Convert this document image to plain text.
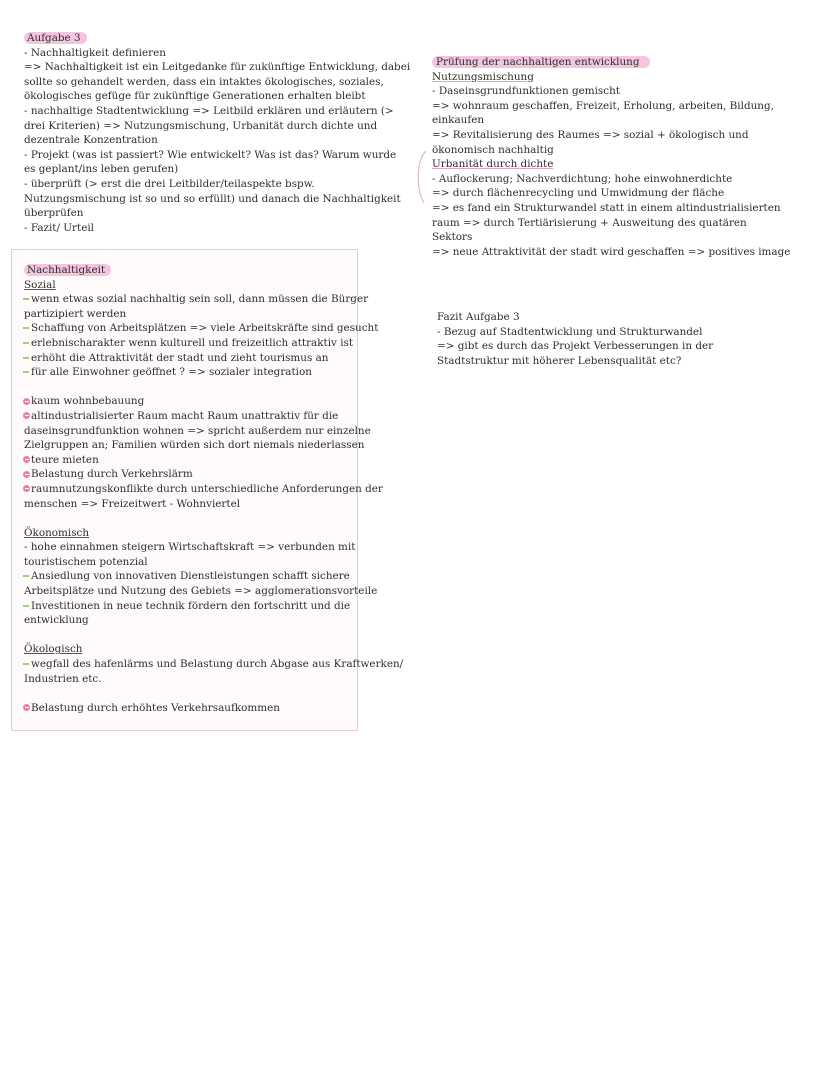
Aufgabe 3
- Nachhaltigkeit definieren
=> Nachhaltigkeit ist ein Leitgedanke für zukünftige Entwicklung, dabei
sollte so gehandelt werden, dass ein intaktes ökologisches, soziales,
ökologisches gefüge für zukünftige Generationen erhalten bleibt
- nachhaltige Stadtentwicklung => Leitbild erklären und erläutern (>
drei Kriterien) => Nutzungsmischung, Urbanität durch dichte und
dezentrale Konzentration
- Projekt (was ist passiert? Wie entwickelt? Was ist das? Warum wurde
es geplant/ins leben gerufen)
- überprüft (> erst die drei Leitbilder/teilaspekte bspw.
Nutzungsmischung ist so und so erfüllt) und danach die Nachhaltigkeit
überprüfen
- Fazit/ Urteil
Nachhaltigkeit
Sozial
wenn etwas sozial nachhaltig sein soll, dann müssen die Bürger
partizipiert werden
Schaffung von Arbeitsplätzen => viele Arbeitskräfte sind gesucht
erlebnischarakter wenn kulturell und freizeitlich attraktiv ist
erhöht die Attraktivität der stadt und zieht tourismus an
für alle Einwohner geöffnet ? => sozialer integration
kaum wohnbebauung
altindustrialisierter Raum macht Raum unattraktiv für die
daseinsgrundfunktion wohnen => spricht außerdem nur einzelne
Zielgruppen an; Familien würden sich dort niemals niederlassen
teure mieten
Belastung durch Verkehrslärm
raumnutzungskonflikte durch unterschiedliche Anforderungen der
menschen => Freizeitwert - Wohnviertel
Ökonomisch
- hohe einnahmen steigern Wirtschaftskraft => verbunden mit
touristischem potenzial
Ansiedlung von innovativen Dienstleistungen schafft sichere
Arbeitsplätze und Nutzung des Gebiets => agglomerationsvorteile
Investitionen in neue technik fördern den fortschritt und die
entwicklung
Ökologisch
wegfall des hafenlärms und Belastung durch Abgase aus Kraftwerken/
Industrien etc.
Belastung durch erhöhtes Verkehrsaufkommen
Prüfung der nachhaltigen entwicklung
Nutzungsmischung
- Daseinsgrundfunktionen gemischt
=> wohnraum geschaffen, Freizeit, Erholung, arbeiten, Bildung,
einkaufen
=> Revitalisierung des Raumes => sozial + ökologisch und
ökonomisch nachhaltig
Urbanität durch dichte
- Auflockerung; Nachverdichtung; hohe einwohnerdichte
=> durch flächenrecycling und Umwidmung der fläche
=> es fand ein Strukturwandel statt in einem altindustrialisierten
raum => durch Tertiärisierung + Ausweitung des quatären
Sektors
=> neue Attraktivität der stadt wird geschaffen => positives image
Fazit Aufgabe 3
- Bezug auf Stadtentwicklung und Strukturwandel
=> gibt es durch das Projekt Verbesserungen in der
Stadtstruktur mit höherer Lebensqualität etc?
